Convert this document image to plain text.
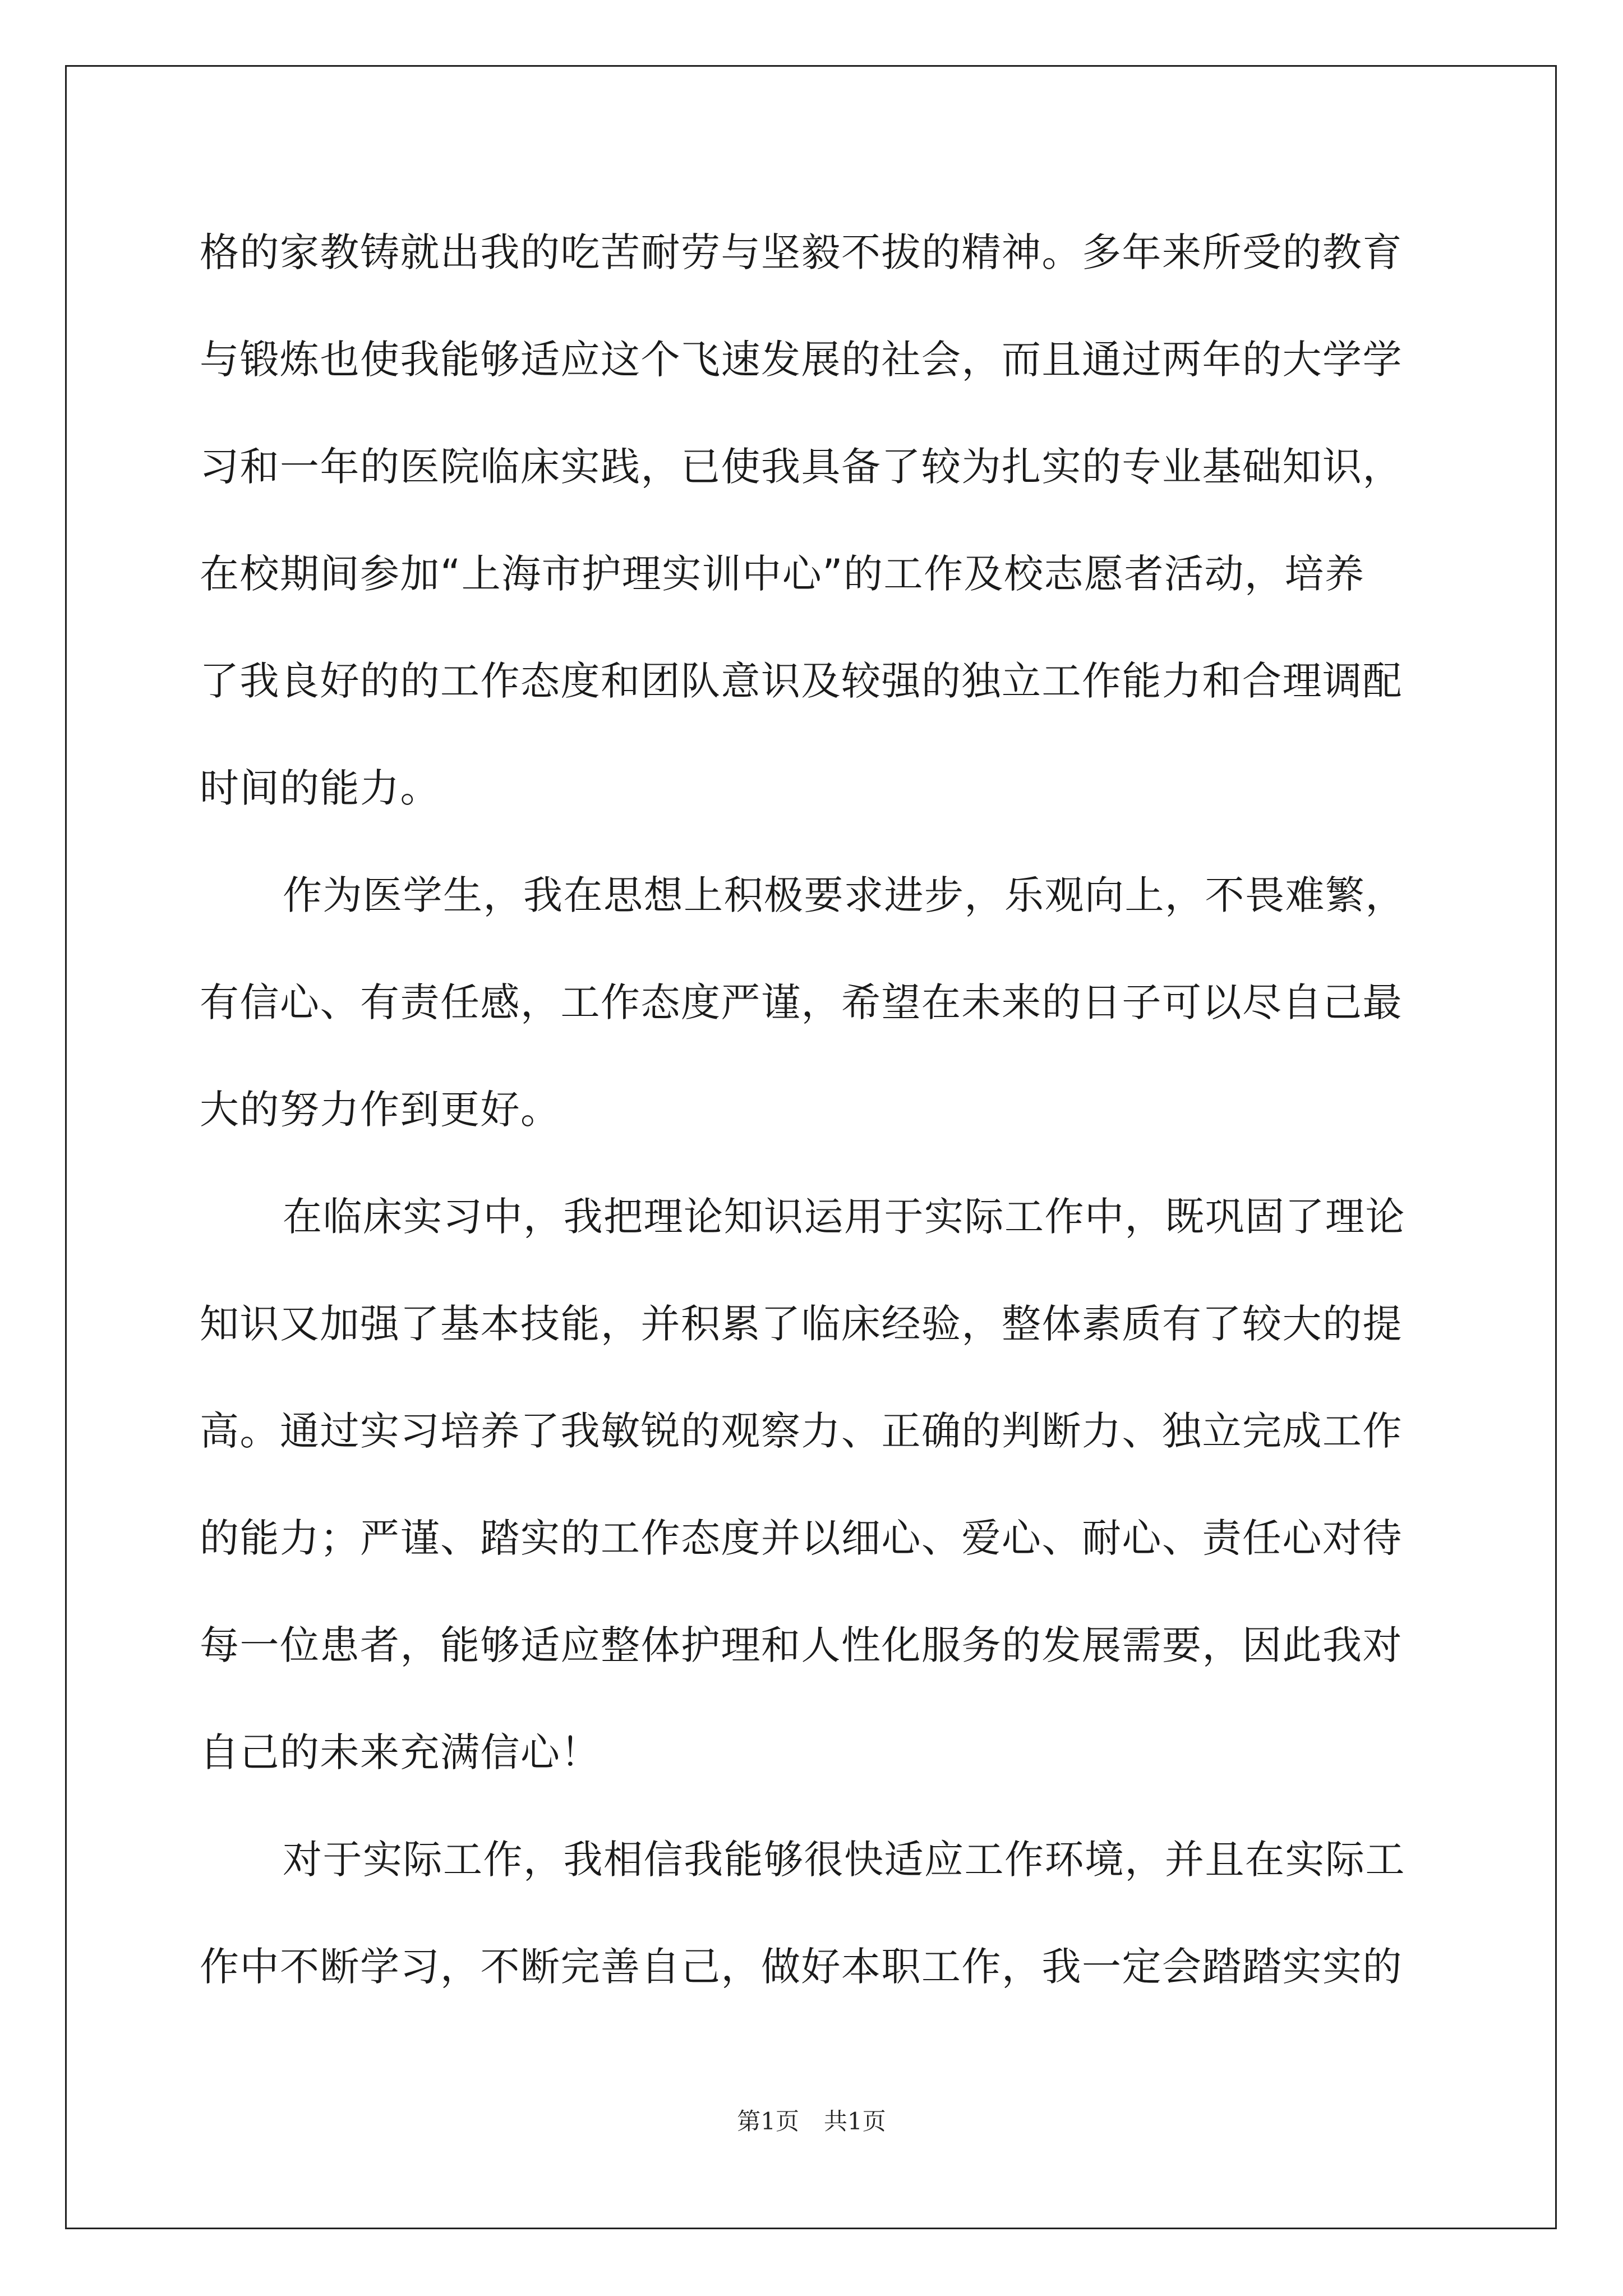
格的家教铸就出我的吃苦耐劳与坚毅不拔的精神。多年来所受的教育
与锻炼也使我能够适应这个飞速发展的社会，而且通过两年的大学学
习和一年的医院临床实践，已使我具备了较为扎实的专业基础知识，
在校期间参加“上海市护理实训中心”的工作及校志愿者活动，培养
了我良好的的工作态度和团队意识及较强的独立工作能力和合理调配
时间的能力。
作为医学生，我在思想上积极要求进步，乐观向上，不畏难繁，
有信心、有责任感，工作态度严谨，希望在未来的日子可以尽自己最
大的努力作到更好。
在临床实习中，我把理论知识运用于实际工作中，既巩固了理论
知识又加强了基本技能，并积累了临床经验，整体素质有了较大的提
高。通过实习培养了我敏锐的观察力、正确的判断力、独立完成工作
的能力；严谨、踏实的工作态度并以细心、爱心、耐心、责任心对待
每一位患者，能够适应整体护理和人性化服务的发展需要，因此我对
自己的未来充满信心！
对于实际工作，我相信我能够很快适应工作环境，并且在实际工
作中不断学习，不断完善自己，做好本职工作，我一定会踏踏实实的
第1页 共1页
